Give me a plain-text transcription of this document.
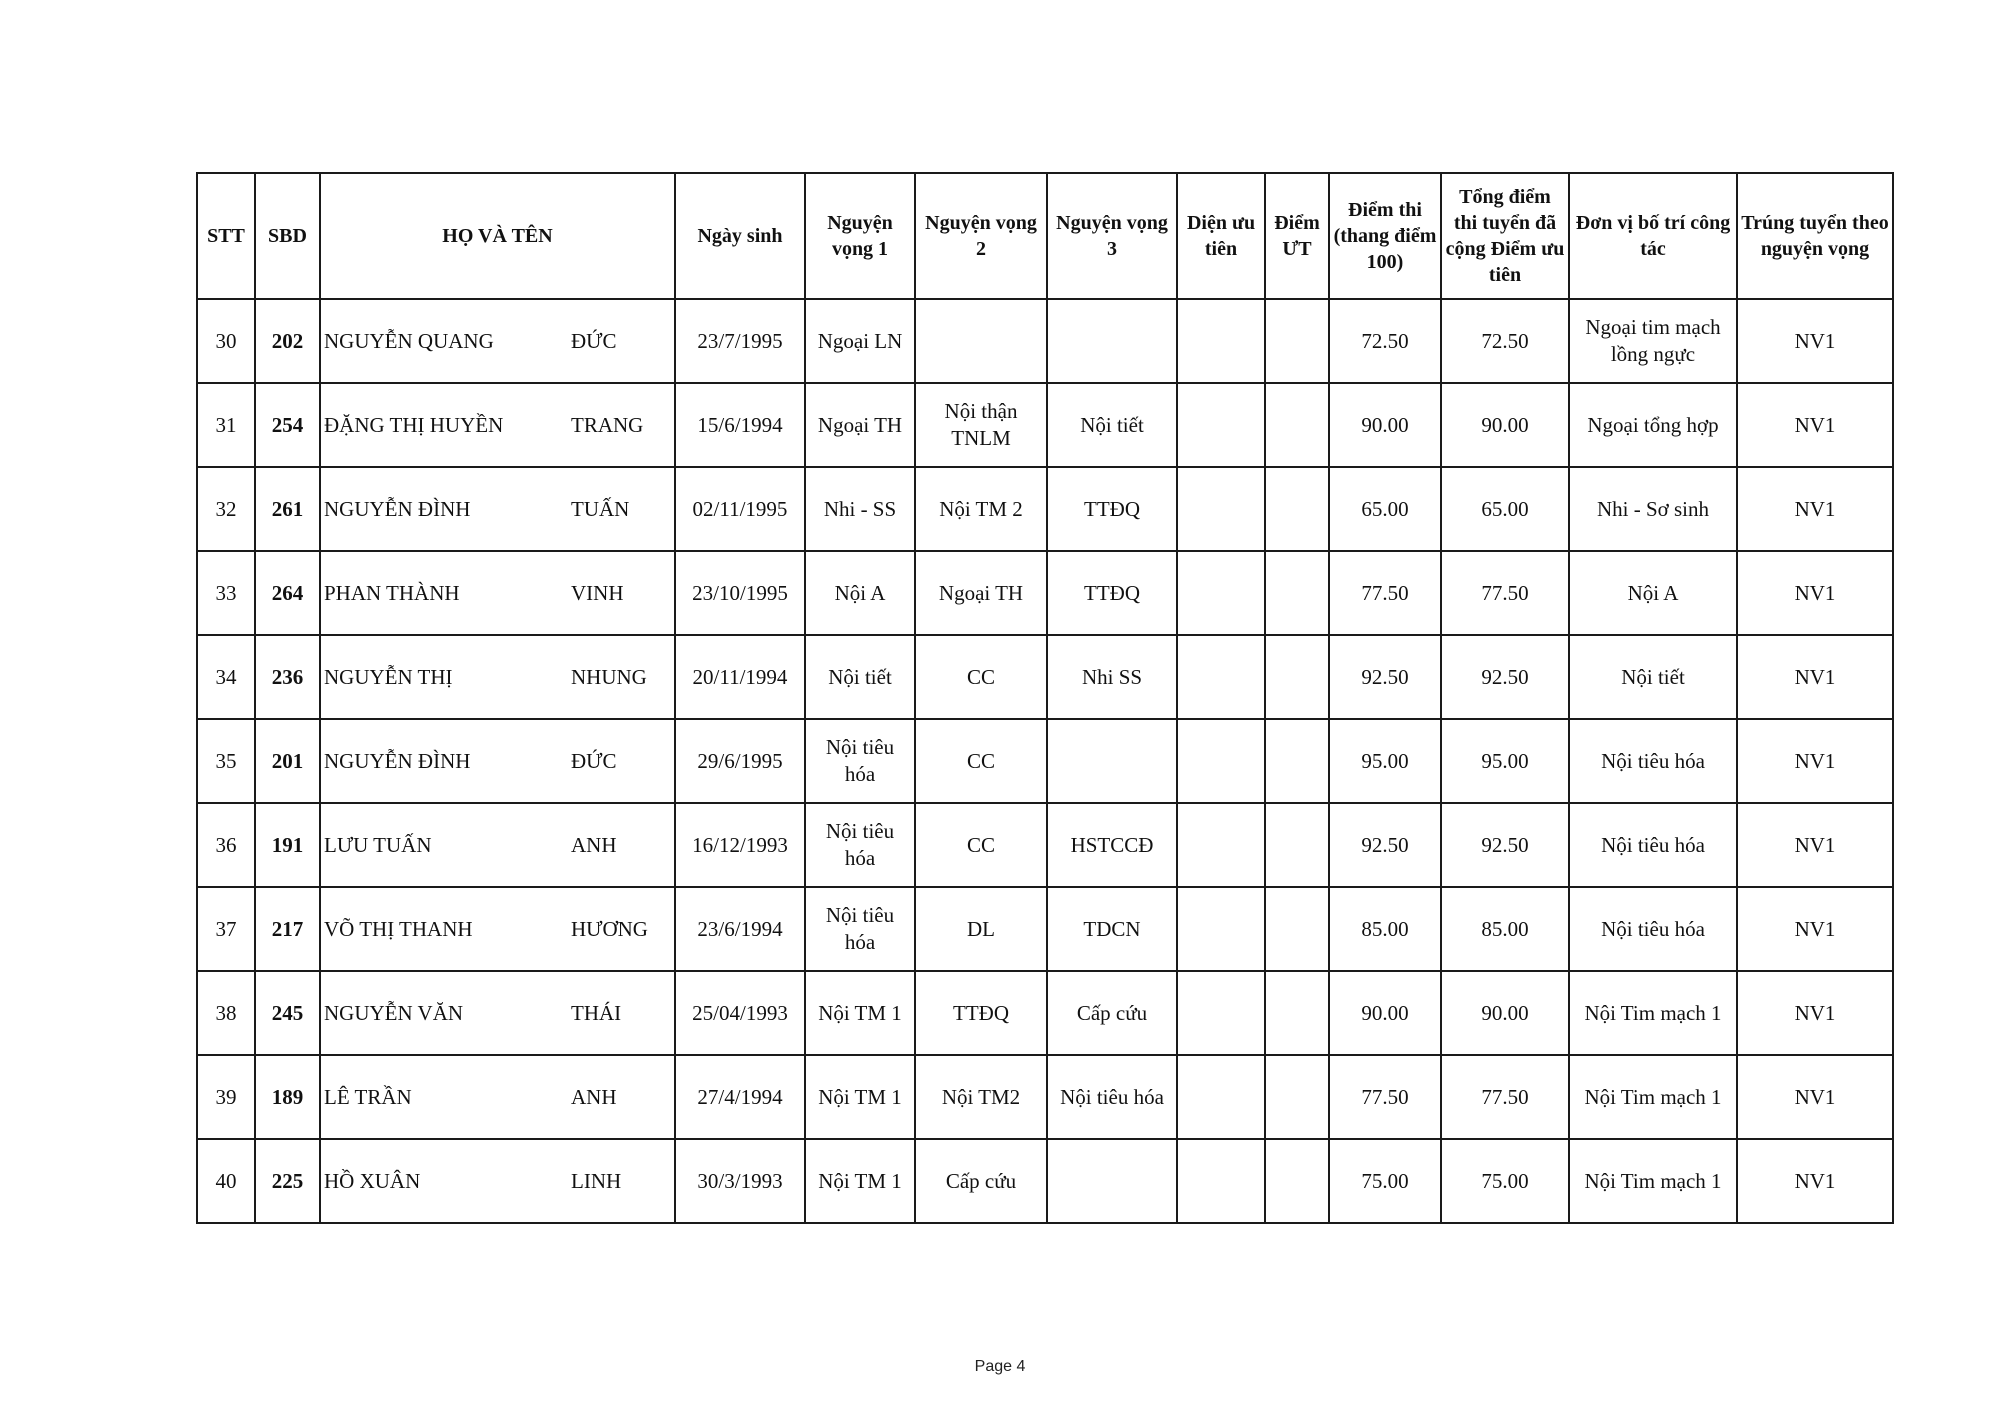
STT	SBD	HỌ VÀ TÊN	Ngày sinh	Nguyện vọng 1	Nguyện vọng 2	Nguyện vọng 3	Diện ưu tiên	Điểm ƯT	Điểm thi (thang điểm 100)	Tổng điểm thi tuyển đã cộng Điểm ưu tiên	Đơn vị bố trí công tác	Trúng tuyển theo nguyện vọng
30	202	NGUYỄN QUANG ĐỨC	23/7/1995	Ngoại LN					72.50	72.50	Ngoại tim mạch lồng ngực	NV1
31	254	ĐẶNG THỊ HUYỀN TRANG	15/6/1994	Ngoại TH	Nội thận TNLM	Nội tiết			90.00	90.00	Ngoại tổng hợp	NV1
32	261	NGUYỄN ĐÌNH TUẤN	02/11/1995	Nhi - SS	Nội TM 2	TTĐQ			65.00	65.00	Nhi - Sơ sinh	NV1
33	264	PHAN THÀNH VINH	23/10/1995	Nội A	Ngoại TH	TTĐQ			77.50	77.50	Nội A	NV1
34	236	NGUYỄN THỊ NHUNG	20/11/1994	Nội tiết	CC	Nhi SS			92.50	92.50	Nội tiết	NV1
35	201	NGUYỄN ĐÌNH ĐỨC	29/6/1995	Nội tiêu hóa	CC				95.00	95.00	Nội tiêu hóa	NV1
36	191	LƯU TUẤN ANH	16/12/1993	Nội tiêu hóa	CC	HSTCCĐ			92.50	92.50	Nội tiêu hóa	NV1
37	217	VÕ THỊ THANH HƯƠNG	23/6/1994	Nội tiêu hóa	DL	TDCN			85.00	85.00	Nội tiêu hóa	NV1
38	245	NGUYỄN VĂN THÁI	25/04/1993	Nội TM 1	TTĐQ	Cấp cứu			90.00	90.00	Nội Tim mạch 1	NV1
39	189	LÊ TRẦN ANH	27/4/1994	Nội TM 1	Nội TM2	Nội tiêu hóa			77.50	77.50	Nội Tim mạch 1	NV1
40	225	HỒ XUÂN LINH	30/3/1993	Nội TM 1	Cấp cứu				75.00	75.00	Nội Tim mạch 1	NV1
Page 4
